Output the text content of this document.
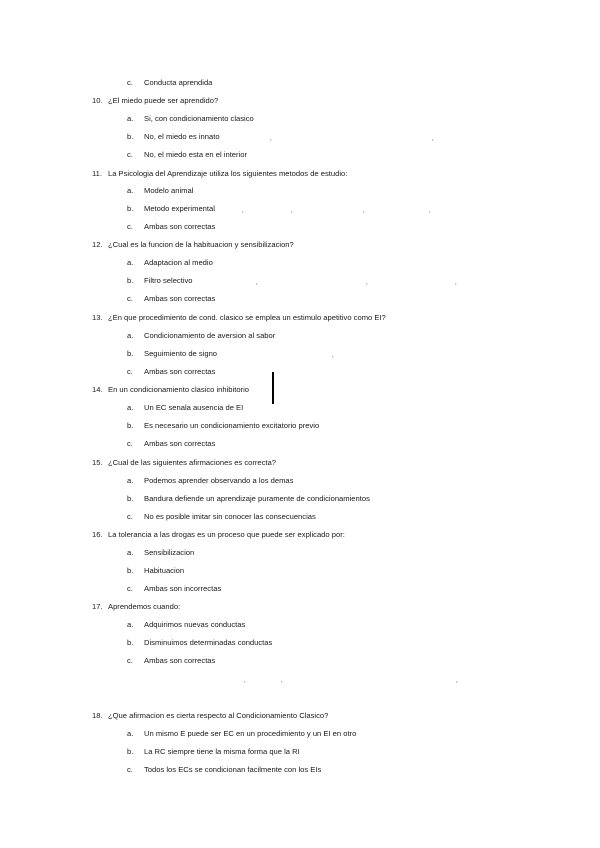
c. Conducta aprendida
10. ¿El miedo puede ser aprendido?
a. Si, con condicionamiento clasico
b. No, el miedo es innato
c. No, el miedo esta en el interior
11. La Psicologia del Aprendizaje utiliza los siguientes metodos de estudio:
a. Modelo animal
b. Metodo experimental
c. Ambas son correctas
12. ¿Cual es la funcion de la habituacion y sensibilizacion?
a. Adaptacion al medio
b. Filtro selectivo
c. Ambas son correctas
13. ¿En que procedimiento de cond. clasico se emplea un estimulo apetitivo como EI?
a. Condicionamiento de aversion al sabor
b. Seguimiento de signo
c. Ambas son correctas
14. En un condicionamiento clasico inhibitorio
a. Un EC senala ausencia de EI
b. Es necesario un condicionamiento excitatorio previo
c. Ambas son correctas
15. ¿Cual de las siguientes afirmaciones es correcta?
a. Podemos aprender observando a los demas
b. Bandura defiende un aprendizaje puramente de condicionamientos
c. No es posible imitar sin conocer las consecuencias
16. La tolerancia a las drogas es un proceso que puede ser explicado por:
a. Sensibilizacion
b. Habituacion
c. Ambas son incorrectas
17. Aprendemos cuando:
a. Adquirimos nuevas conductas
b. Disminuimos determinadas conductas
c. Ambas son correctas
18. ¿Que afirmacion es cierta respecto al Condicionamiento Clasico?
a. Un mismo E puede ser EC en un procedimiento y un EI en otro
b. La RC siempre tiene la misma forma que la RI
c. Todos los ECs se condicionan facilmente con los EIs
,	,
,	,	,	,
,	,	,
,
,	,	,
